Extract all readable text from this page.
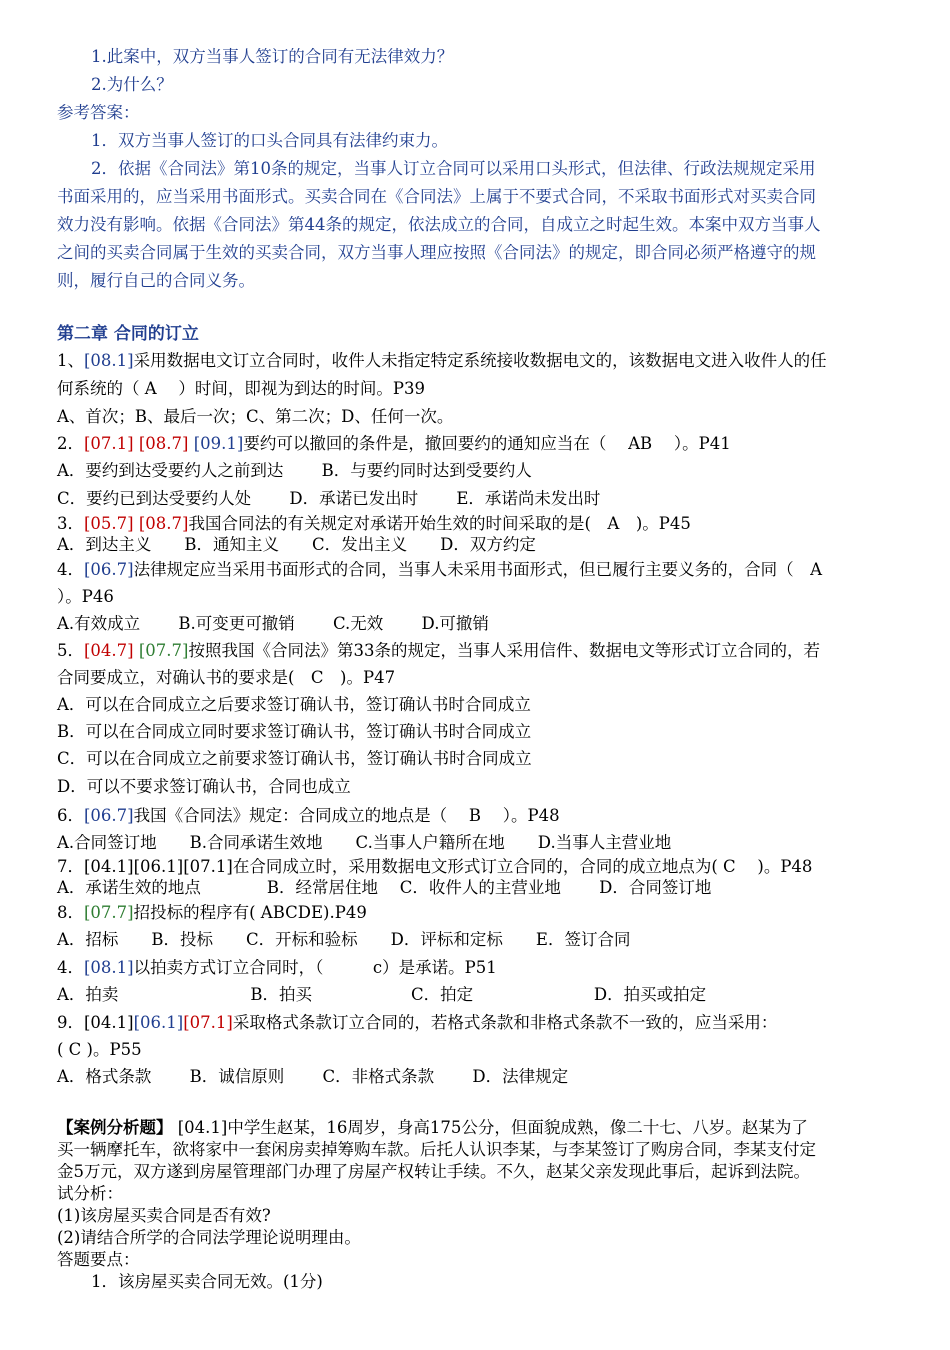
1.此案中，双方当事人签订的合同有无法律效力？
2.为什么？
参考答案：
1．双方当事人签订的口头合同具有法律约束力。
2．依据《合同法》第10条的规定，当事人订立合同可以采用口头形式，但法律、行政法规规定采用
书面采用的，应当采用书面形式。买卖合同在《合同法》上属于不要式合同，不采取书面形式对买卖合同
效力没有影响。依据《合同法》第44条的规定，依法成立的合同，自成立之时起生效。本案中双方当事人
之间的买卖合同属于生效的买卖合同，双方当事人理应按照《合同法》的规定，即合同必须严格遵守的规
则，履行自己的合同义务。
第二章 合同的订立
1、[08.1]采用数据电文订立合同时，收件人未指定特定系统接收数据电文的，该数据电文进入收件人的任
何系统的（ A　 ）时间，即视为到达的时间。P39
A、首次；B、最后一次；C、第二次；D、任何一次。
2．[07.1] [08.7] [09.1]要约可以撤回的条件是，撤回要约的通知应当在（　 AB　 ）。P41
A．要约到达受要约人之前到达　　 B．与要约同时达到受要约人
C．要约已到达受要约人处　　 D．承诺已发出时　　 E．承诺尚未发出时
3．[05.7] [08.7]我国合同法的有关规定对承诺开始生效的时间采取的是(　A　)。P45
A．到达主义　　B．通知主义　　C．发出主义　　D．双方约定
4．[06.7]法律规定应当采用书面形式的合同，当事人未采用书面形式，但已履行主要义务的，合同（　A
）。P46
A.有效成立　　 B.可变更可撤销　　 C.无效　　 D.可撤销
5．[04.7] [07.7]按照我国《合同法》第33条的规定，当事人采用信件、数据电文等形式订立合同的，若
合同要成立，对确认书的要求是(　C　)。P47
A．可以在合同成立之后要求签订确认书，签订确认书时合同成立
B．可以在合同成立同时要求签订确认书，签订确认书时合同成立
C．可以在合同成立之前要求签订确认书，签订确认书时合同成立
D．可以不要求签订确认书，合同也成立
6．[06.7]我国《合同法》规定：合同成立的地点是（　 B　 ）。P48
A.合同签订地　　B.合同承诺生效地　　C.当事人户籍所在地　　D.当事人主营业地
7．[04.1][06.1][07.1]在合同成立时，采用数据电文形式订立合同的，合同的成立地点为( C　 )。P48
A．承诺生效的地点　　　　B．经常居住地　 C．收件人的主营业地　　 D．合同签订地
8．[07.7]招投标的程序有( ABCDE).P49
A．招标　　B．投标　　C．开标和验标　　D．评标和定标　　E．签订合同
4．[08.1]以拍卖方式订立合同时，（　　　c）是承诺。P51
A．拍卖　　　　　　　　B．拍买　　　　　　C．拍定　　　　　　　 D．拍买或拍定
9．[04.1][06.1][07.1]采取格式条款订立合同的，若格式条款和非格式条款不一致的，应当采用：
( C )。P55
A．格式条款　　 B．诚信原则　　 C．非格式条款　　 D．法律规定
【案例分析题】 [04.1]中学生赵某，16周岁，身高175公分，但面貌成熟，像二十七、八岁。赵某为了
买一辆摩托车，欲将家中一套闲房卖掉筹购车款。后托人认识李某，与李某签订了购房合同，李某支付定
金5万元，双方遂到房屋管理部门办理了房屋产权转让手续。不久，赵某父亲发现此事后，起诉到法院。
试分析：
(1)该房屋买卖合同是否有效?
(2)请结合所学的合同法学理论说明理由。
答题要点：
1．该房屋买卖合同无效。(1分)
